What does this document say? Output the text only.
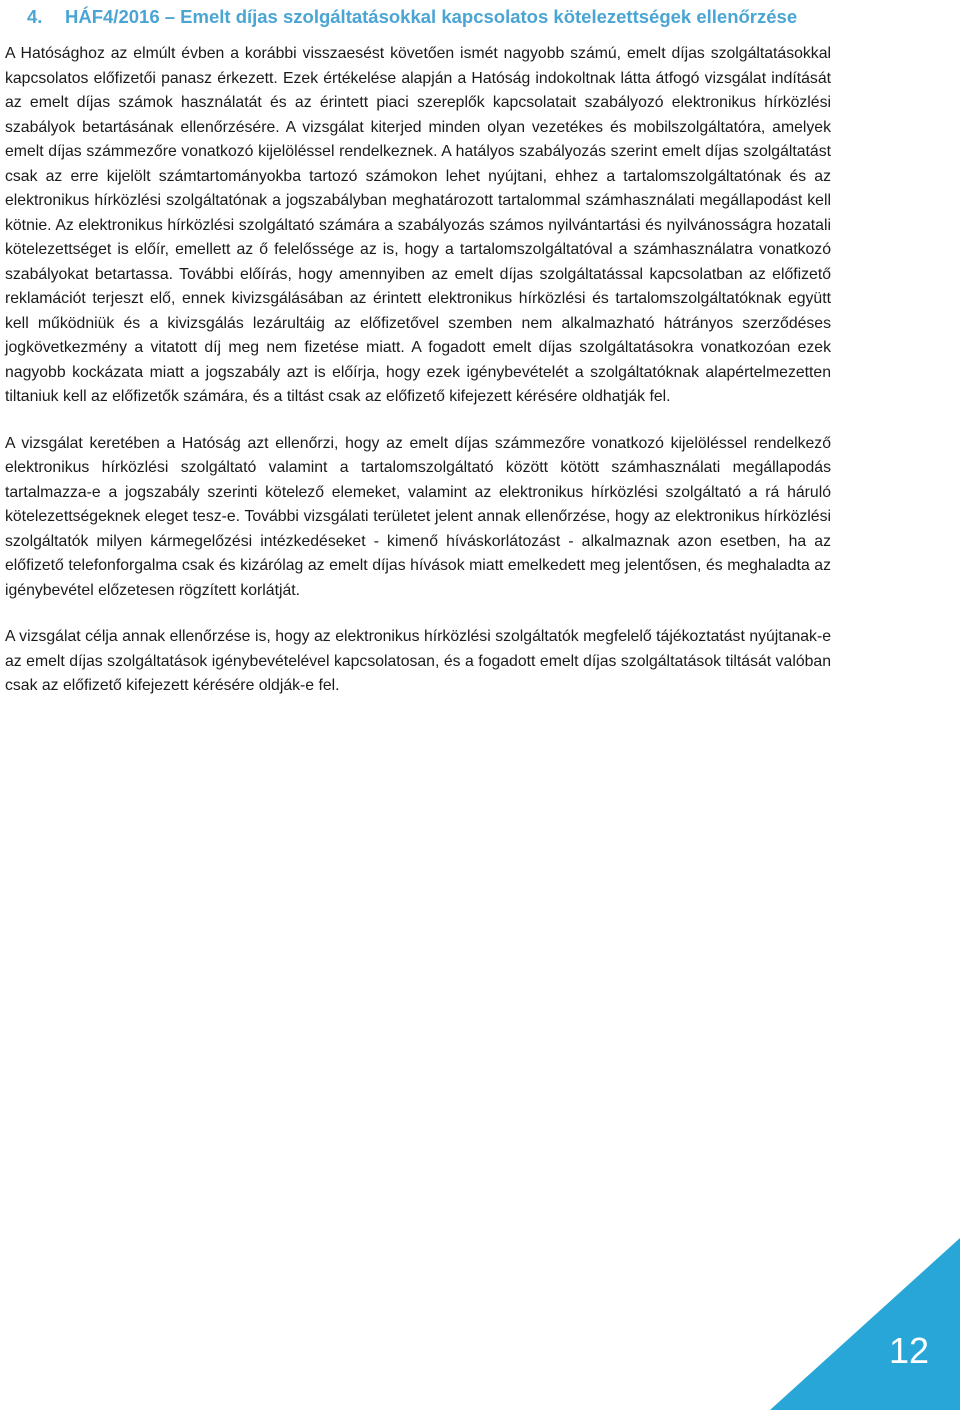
4. HÁF4/2016 – Emelt díjas szolgáltatásokkal kapcsolatos kötelezettségek ellenőrzése

A Hatósághoz az elmúlt évben a korábbi visszaesést követően ismét nagyobb számú, emelt díjas szolgáltatásokkal kapcsolatos előfizetői panasz érkezett. Ezek értékelése alapján a Hatóság indokoltnak látta átfogó vizsgálat indítását az emelt díjas számok használatát és az érintett piaci szereplők kapcsolatait szabályozó elektronikus hírközlési szabályok betartásának ellenőrzésére. A vizsgálat kiterjed minden olyan vezetékes és mobilszolgáltatóra, amelyek emelt díjas számmezőre vonatkozó kijelöléssel rendelkeznek. A hatályos szabályozás szerint emelt díjas szolgáltatást csak az erre kijelölt számtartományokba tartozó számokon lehet nyújtani, ehhez a tartalomszolgáltatónak és az elektronikus hírközlési szolgáltatónak a jogszabályban meghatározott tartalommal számhasználati megállapodást kell kötnie. Az elektronikus hírközlési szolgáltató számára a szabályozás számos nyilvántartási és nyilvánosságra hozatali kötelezettséget is előír, emellett az ő felelőssége az is, hogy a tartalomszolgáltatóval a számhasználatra vonatkozó szabályokat betartassa. További előírás, hogy amennyiben az emelt díjas szolgáltatással kapcsolatban az előfizető reklamációt terjeszt elő, ennek kivizsgálásában az érintett elektronikus hírközlési és tartalomszolgáltatóknak együtt kell működniük és a kivizsgálás lezárultáig az előfizetővel szemben nem alkalmazható hátrányos szerződéses jogkövetkezmény a vitatott díj meg nem fizetése miatt. A fogadott emelt díjas szolgáltatásokra vonatkozóan ezek nagyobb kockázata miatt a jogszabály azt is előírja, hogy ezek igénybevételét a szolgáltatóknak alapértelmezetten tiltaniuk kell az előfizetők számára, és a tiltást csak az előfizető kifejezett kérésére oldhatják fel.

A vizsgálat keretében a Hatóság azt ellenőrzi, hogy az emelt díjas számmezőre vonatkozó kijelöléssel rendelkező elektronikus hírközlési szolgáltató valamint a tartalomszolgáltató között kötött számhasználati megállapodás tartalmazza-e a jogszabály szerinti kötelező elemeket, valamint az elektronikus hírközlési szolgáltató a rá háruló kötelezettségeknek eleget tesz-e. További vizsgálati területet jelent annak ellenőrzése, hogy az elektronikus hírközlési szolgáltatók milyen kármegelőzési intézkedéseket - kimenő híváskorlátozást - alkalmaznak azon esetben, ha az előfizető telefonforgalma csak és kizárólag az emelt díjas hívások miatt emelkedett meg jelentősen, és meghaladta az igénybevétel előzetesen rögzített korlátját.

A vizsgálat célja annak ellenőrzése is, hogy az elektronikus hírközlési szolgáltatók megfelelő tájékoztatást nyújtanak-e az emelt díjas szolgáltatások igénybevételével kapcsolatosan, és a fogadott emelt díjas szolgáltatások tiltását valóban csak az előfizető kifejezett kérésére oldják-e fel.

12
